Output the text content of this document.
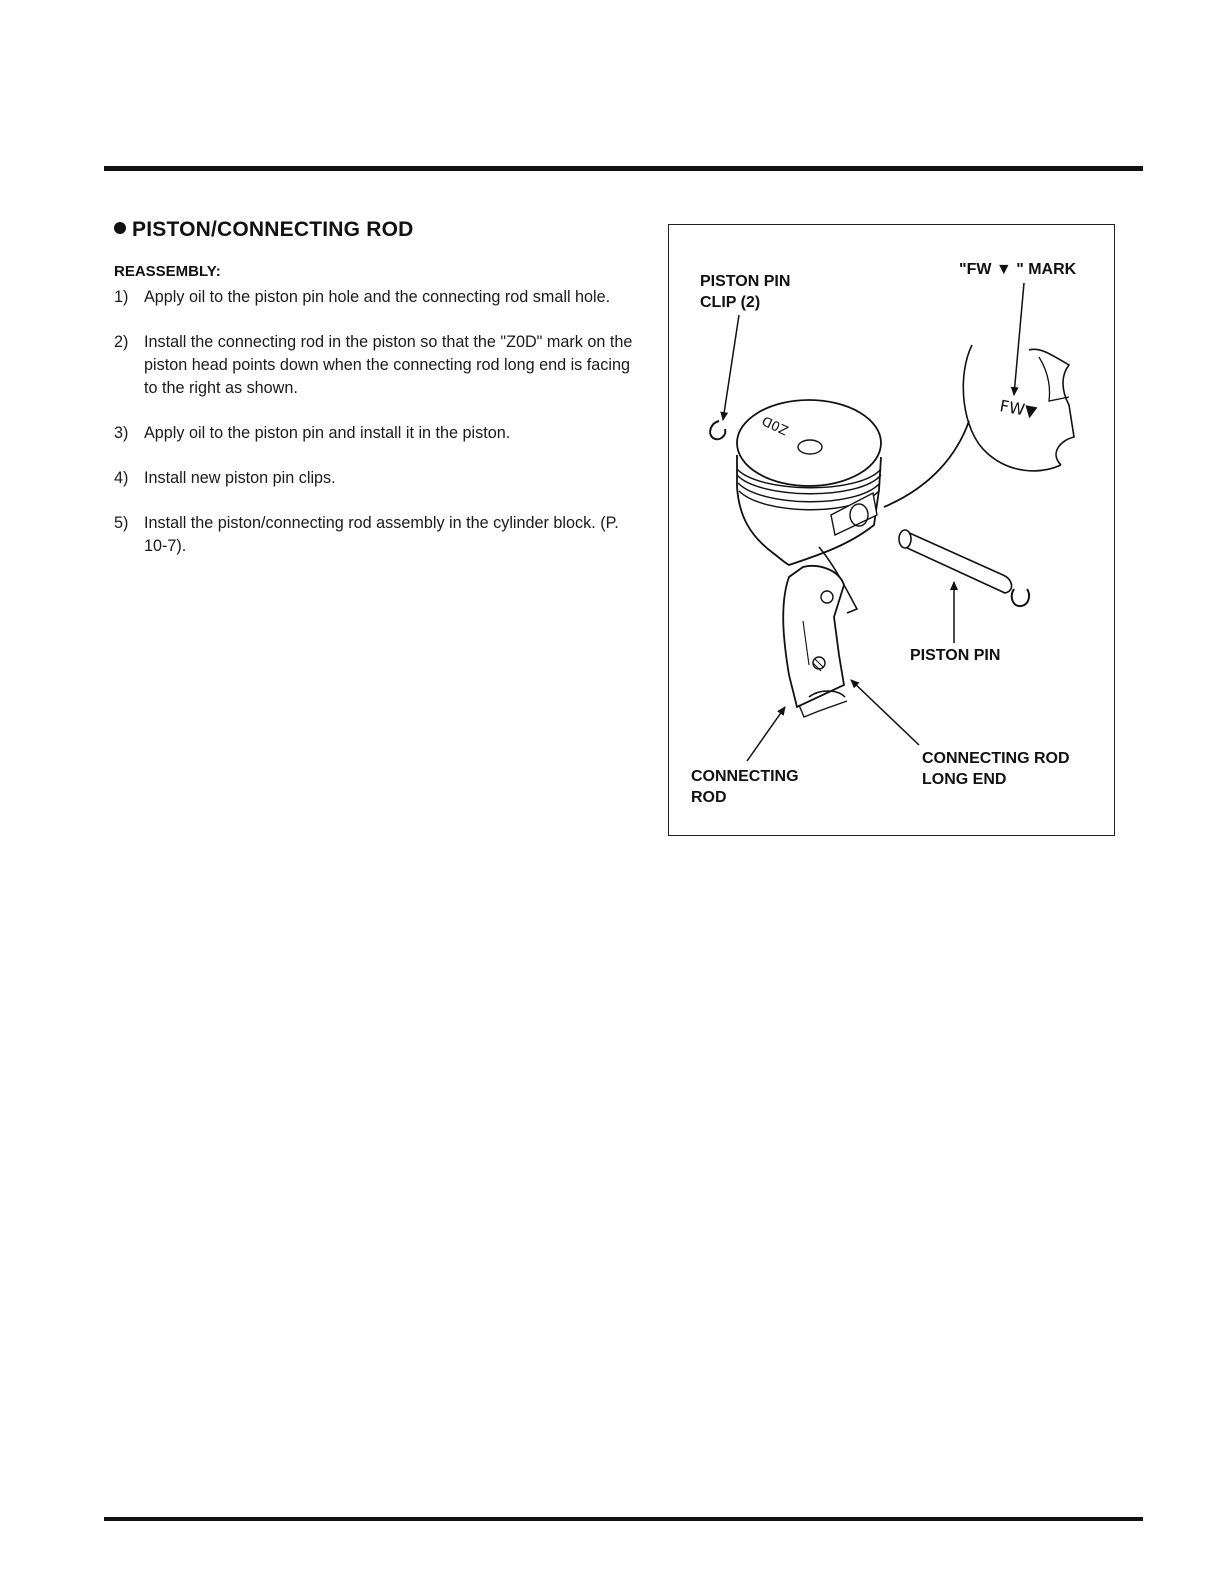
PISTON/CONNECTING ROD
REASSEMBLY:
1) Apply oil to the piston pin hole and the connecting rod small hole.
2) Install the connecting rod in the piston so that the "Z0D" mark on the piston head points down when the connecting rod long end is facing to the right as shown.
3) Apply oil to the piston pin and install it in the piston.
4) Install new piston pin clips.
5) Install the piston/connecting rod assembly in the cylinder block. (P. 10-7).
FW▼
Z0D
PISTON PIN
CLIP (2)
"FW ▼ " MARK
PISTON PIN
CONNECTING ROD
LONG END
CONNECTING
ROD
